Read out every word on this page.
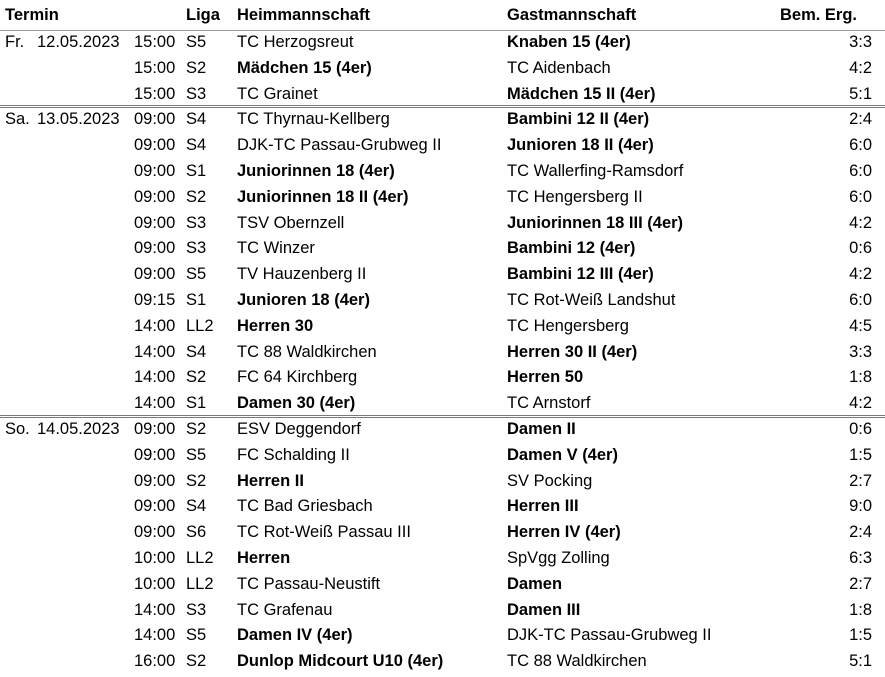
Termin	Liga Heimmannschaft	Gastmannschaft	Bem. Erg.
Fr. 12.05.2023 15:00 S5 TC Herzogsreut	Knaben 15 (4er)	3:3
15:00 S2 Mädchen 15 (4er)	TC Aidenbach	4:2
15:00 S3 TC Grainet	Mädchen 15 II (4er)	5:1
Sa. 13.05.2023 09:00 S4 TC Thyrnau-Kellberg	Bambini 12 II (4er)	2:4
09:00 S4 DJK-TC Passau-Grubweg II	Junioren 18 II (4er)	6:0
09:00 S1 Juniorinnen 18 (4er)	TC Wallerfing-Ramsdorf	6:0
09:00 S2 Juniorinnen 18 II (4er)	TC Hengersberg II	6:0
09:00 S3 TSV Obernzell	Juniorinnen 18 III (4er)	4:2
09:00 S3 TC Winzer	Bambini 12 (4er)	0:6
09:00 S5 TV Hauzenberg II	Bambini 12 III (4er)	4:2
09:15 S1 Junioren 18 (4er)	TC Rot-Weiß Landshut	6:0
14:00 LL2 Herren 30	TC Hengersberg	4:5
14:00 S4 TC 88 Waldkirchen	Herren 30 II (4er)	3:3
14:00 S2 FC 64 Kirchberg	Herren 50	1:8
14:00 S1 Damen 30 (4er)	TC Arnstorf	4:2
So. 14.05.2023 09:00 S2 ESV Deggendorf	Damen II	0:6
09:00 S5 FC Schalding II	Damen V (4er)	1:5
09:00 S2 Herren II	SV Pocking	2:7
09:00 S4 TC Bad Griesbach	Herren III	9:0
09:00 S6 TC Rot-Weiß Passau III	Herren IV (4er)	2:4
10:00 LL2 Herren	SpVgg Zolling	6:3
10:00 LL2 TC Passau-Neustift	Damen	2:7
14:00 S3 TC Grafenau	Damen III	1:8
14:00 S5 Damen IV (4er)	DJK-TC Passau-Grubweg II	1:5
16:00 S2 Dunlop Midcourt U10 (4er)	TC 88 Waldkirchen	5:1
